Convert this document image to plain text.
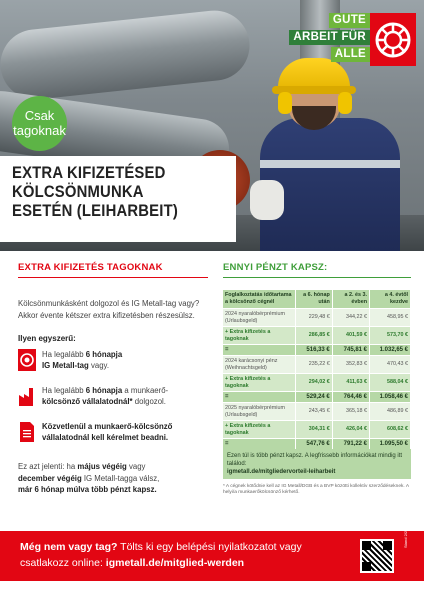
GUTE
ARBEIT FÜR
ALLE
Csak
tagoknak
EXTRA KIFIZETÉSED
KÖLCSÖNMUNKA
ESETÉN (LEIHARBEIT)
EXTRA KIFIZETÉS TAGOKNAK

Kölcsönmunkásként dolgozol és IG Metall-tag vagy? Akkor évente kétszer extra kifizetésben részesülsz.

Ilyen egyszerű:

Ha legalább 6 hónapja
IG Metall-tag vagy.
Ha legalább 6 hónapja a munkaerő-
kölcsönző vállalatodnál* dolgozol.
Közvetlenül a munkaerő-kölcsönző vállalatodnál kell kérelmet beadni.

Ez azt jelenti: ha május végéig vagy
december végéig IG Metall-tagga válsz,
már 6 hónap múlva több pénzt kapsz.

ENNYI PÉNZT KAPSZ:
Foglalkoztatás időtartama a kölcsönző cégnél	a 6. hónap után	a 2. és 3. évben	a 4. évtől kezdve
2024 nyaralóbérprémium (Urlaubsgeld)	229,48 €	344,22 €	458,95 €
+ Extra kifizetés a tagoknak	286,85 €	401,59 €	573,70 €
=	516,33 €	745,81 €	1.032,65 €
2024 karácsonyi pénz (Weihnachtsgeld)	235,22 €	352,83 €	470,43 €
+ Extra kifizetés a tagoknak	294,02 €	411,63 €	588,04 €
=	529,24 €	764,46 €	1.058,46 €
2025 nyaralóbérprémium (Urlaubsgeld)	243,45 €	365,18 €	486,89 €
+ Extra kifizetés a tagoknak	304,31 €	426,04 €	608,62 €
=	547,76 €	791,22 €	1.095,50 €
Ezen túl is több pénzt kapsz. A legfrissebb információkat mindig itt találod:
igmetall.de/mitgliedervorteil-leiharbeit

* A cégnek kötődnie kell az IG Metall/DGB és a BVP közötti kollektív szerződéseknek. A helyi/a munkaerőkölcsönző kérhető.

Még nem vagy tag? Tölts ki egy belépési nyilatkozatot vagy
csatlakozz online: igmetall.de/mitglied-werden
Stand 2/24
